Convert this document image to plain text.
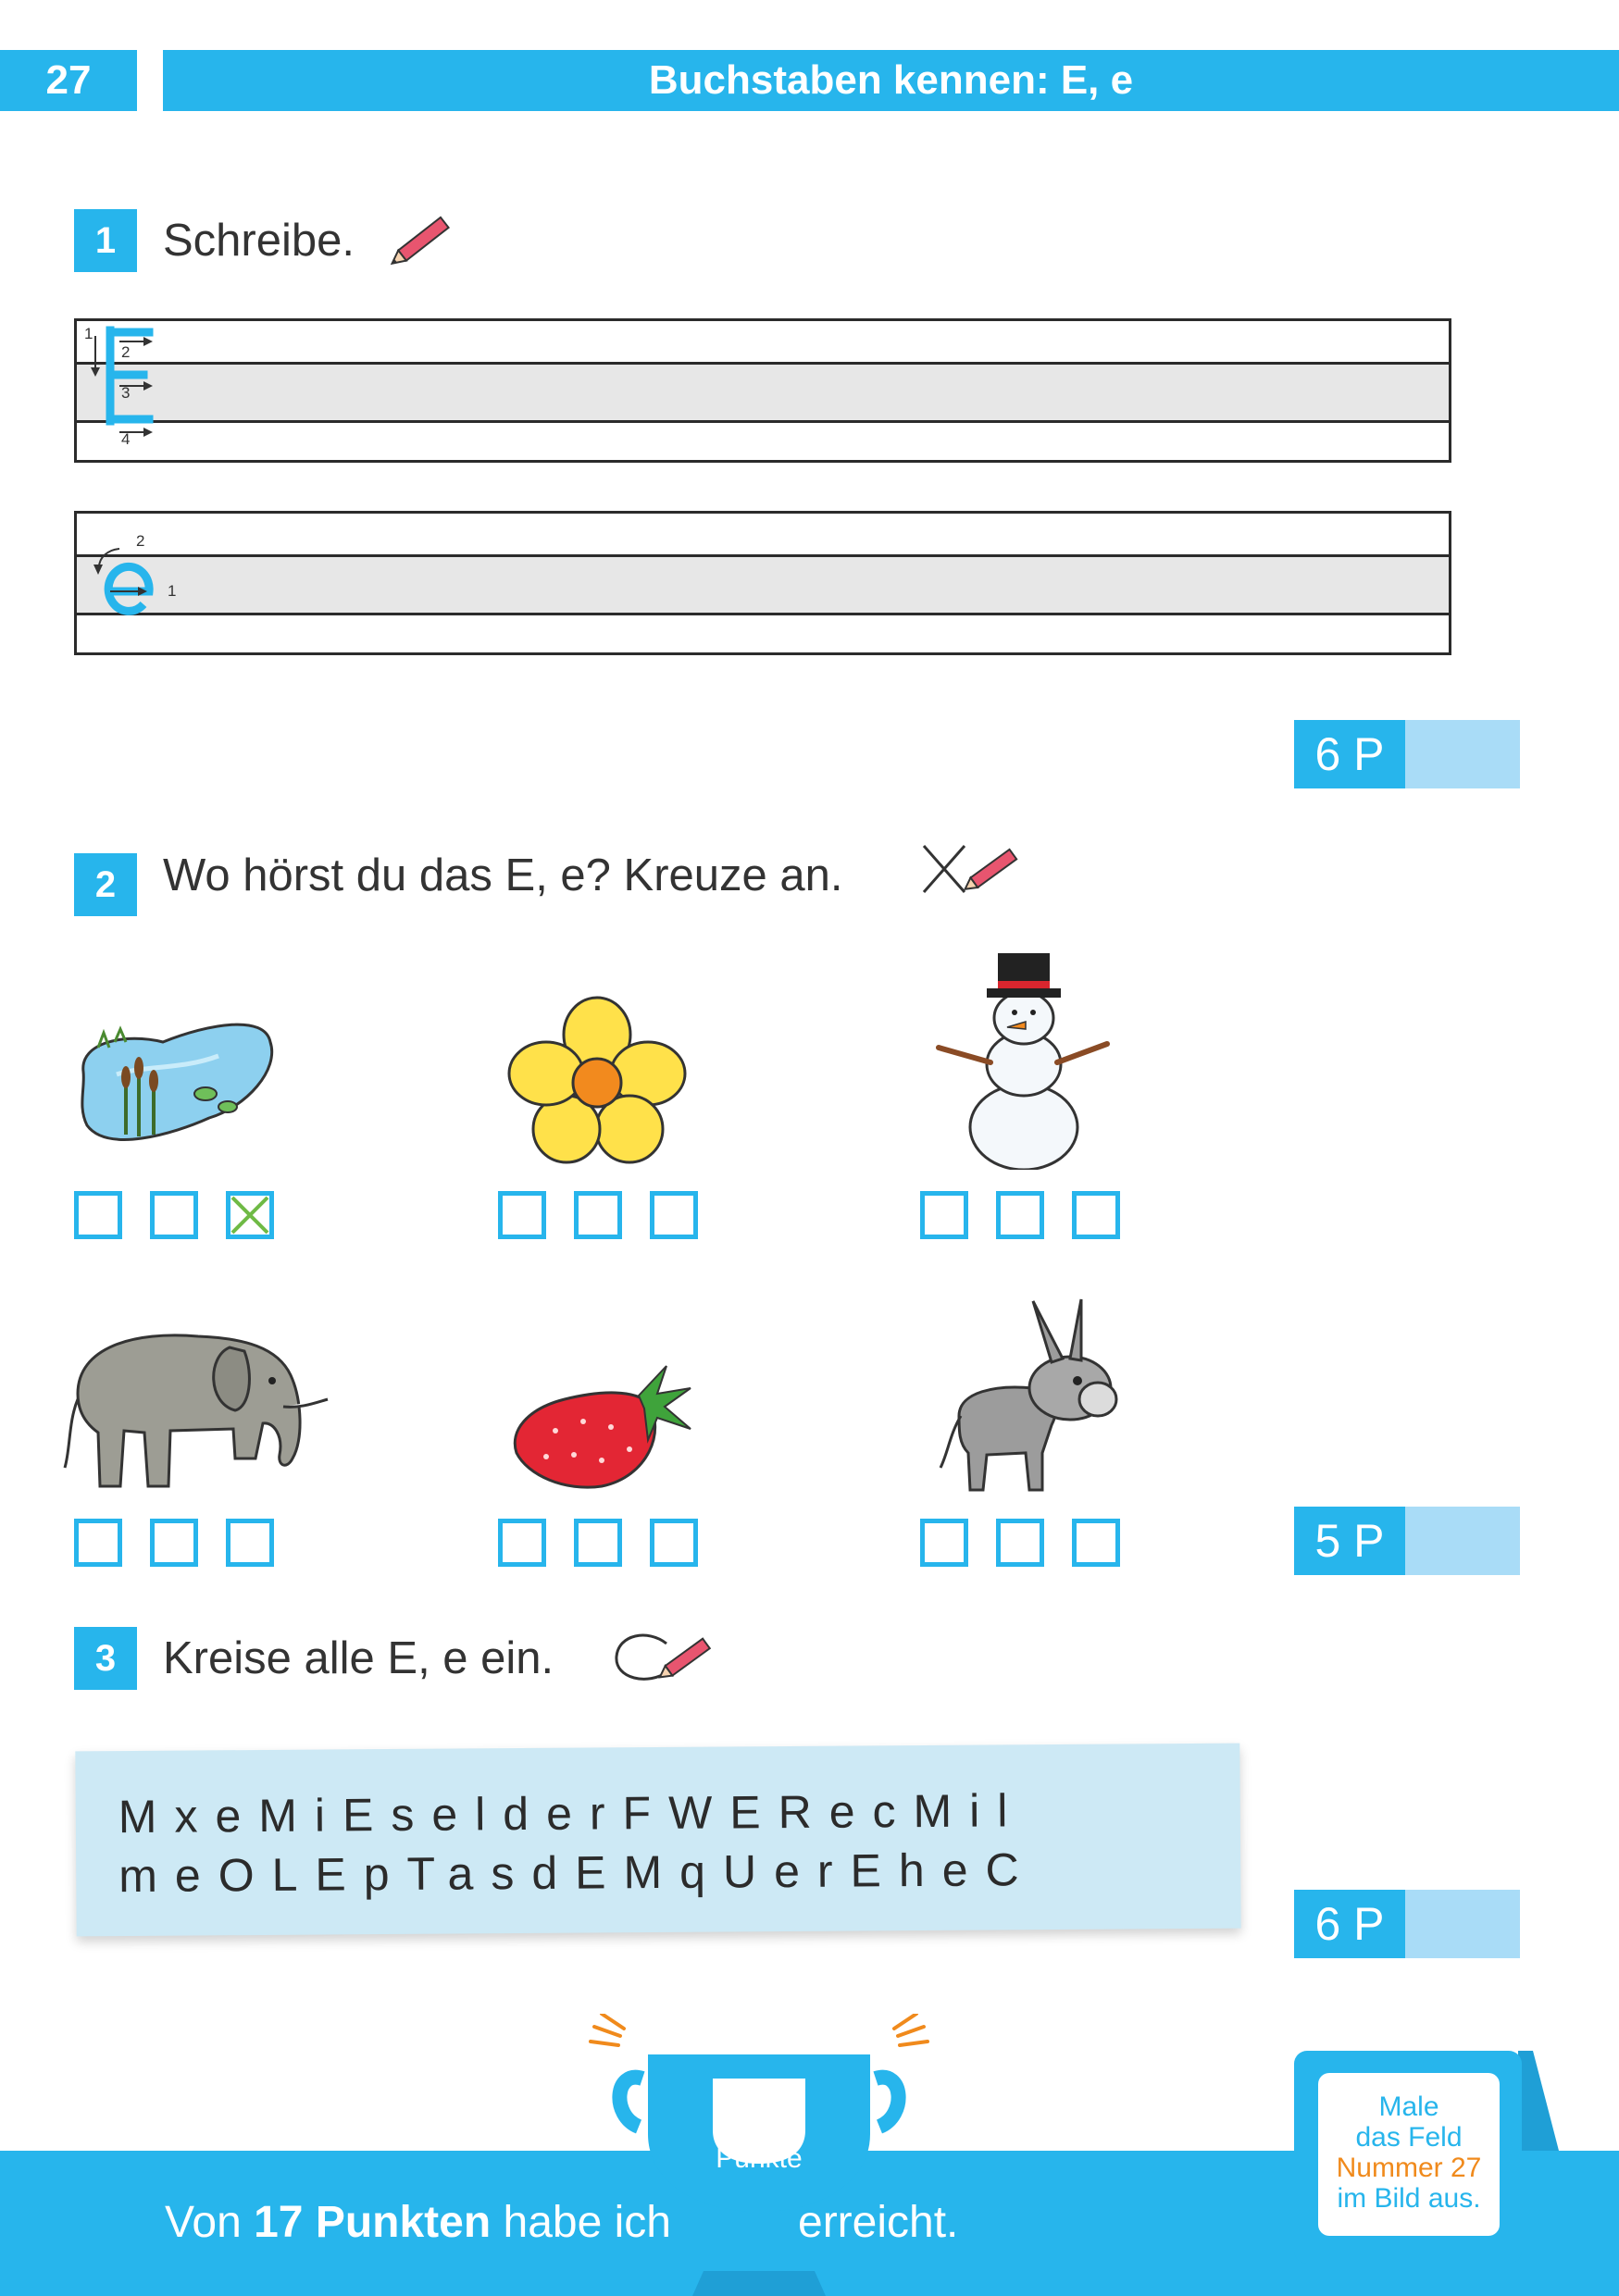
27	Buchstaben kennen: E, e
1	Schreibe.
1
2
3
4
1
2
6 P
2	Wo hörst du das E, e? Kreuze an.
5 P
3	Kreise alle E, e ein.
MxeMiEselderFWERecMil
meOLEpTasdEMqUerEheC
6 P
Punkte
Von 17 Punkten habe ich	erreicht.
Male
das Feld
Nummer 27
im Bild aus.
